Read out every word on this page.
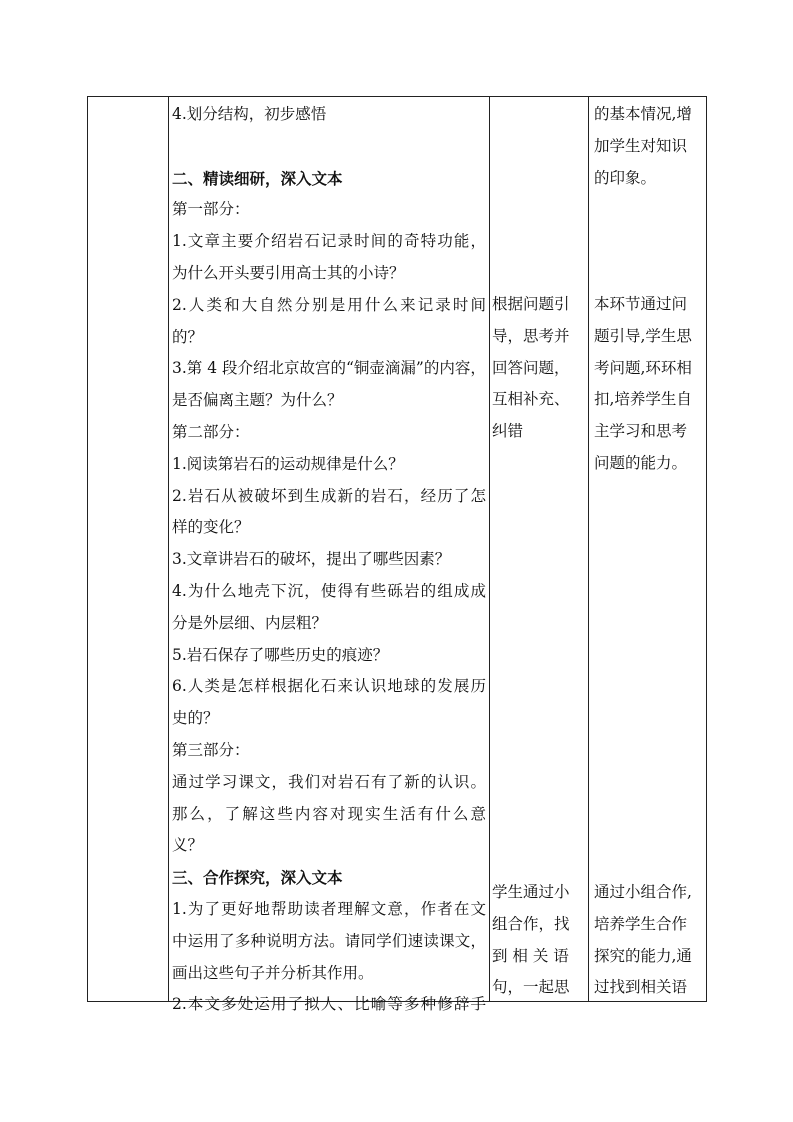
4.划分结构，初步感悟
二、精读细研，深入文本
第一部分：
1.文章主要介绍岩石记录时间的奇特功能，
为什么开头要引用高士其的小诗？
2.人类和大自然分别是用什么来记录时间
的？
3.第 4 段介绍北京故宫的“铜壶滴漏”的内容，
是否偏离主题？为什么？
第二部分：
1.阅读第岩石的运动规律是什么？
2.岩石从被破坏到生成新的岩石，经历了怎
样的变化？
3.文章讲岩石的破坏，提出了哪些因素？
4.为什么地壳下沉，使得有些砾岩的组成成
分是外层细、内层粗？
5.岩石保存了哪些历史的痕迹？
6.人类是怎样根据化石来认识地球的发展历
史的？
第三部分：
通过学习课文，我们对岩石有了新的认识。
那么，了解这些内容对现实生活有什么意
义？
三、合作探究，深入文本
1.为了更好地帮助读者理解文意，作者在文
中运用了多种说明方法。请同学们速读课文，
画出这些句子并分析其作用。
2.本文多处运用了拟人、比喻等多种修辞手
根据问题引
导，思考并
回答问题，
互相补充、
纠错
学生通过小
组合作，找
到 相 关 语
句，一起思
的基本情况,增
加学生对知识
的印象。
本环节通过问
题引导,学生思
考问题,环环相
扣,培养学生自
主学习和思考
问题的能力。
通过小组合作,
培养学生合作
探究的能力,通
过找到相关语
